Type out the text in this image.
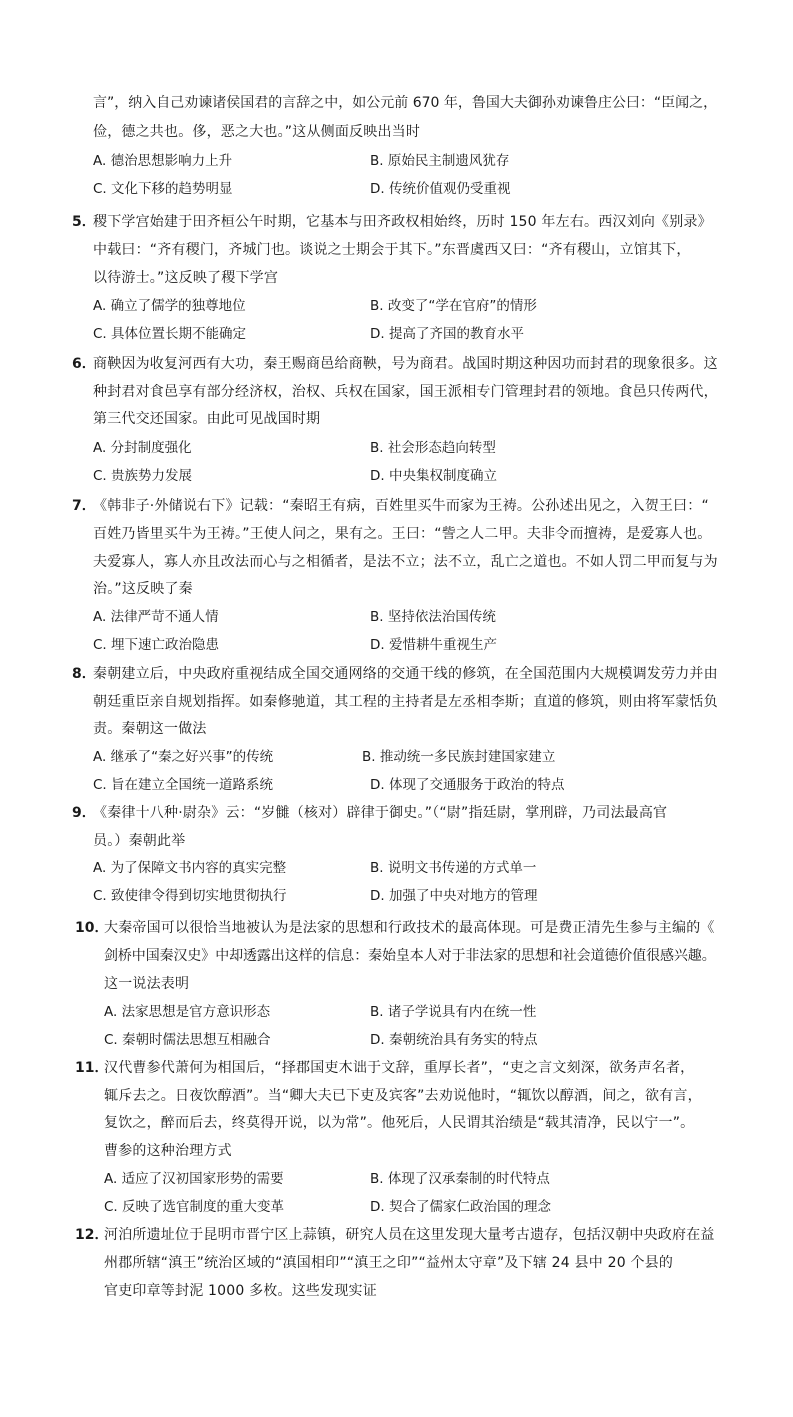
言”，纳入自己劝谏诸侯国君的言辞之中，如公元前 670 年，鲁国大夫御孙劝谏鲁庄公曰：“臣闻之，
俭，德之共也。侈，恶之大也。”这从侧面反映出当时
A. 德治思想影响力上升	B. 原始民主制遗风犹存
C. 文化下移的趋势明显	D. 传统价值观仍受重视
5．
稷下学宫始建于田齐桓公午时期，它基本与田齐政权相始终，历时 150 年左右。西汉刘向《别录》
中载曰：“齐有稷门，齐城门也。谈说之士期会于其下。”东晋虞西又曰：“齐有稷山，立馆其下，
以待游士。”这反映了稷下学宫
A. 确立了儒学的独尊地位	B. 改变了“学在官府”的情形
C. 具体位置长期不能确定	D. 提高了齐国的教育水平
6．
商鞅因为收复河西有大功，秦王赐商邑给商鞅，号为商君。战国时期这种因功而封君的现象很多。这
种封君对食邑享有部分经济权，治权、兵权在国家，国王派相专门管理封君的领地。食邑只传两代，
第三代交还国家。由此可见战国时期
A. 分封制度强化	B. 社会形态趋向转型
C. 贵族势力发展	D. 中央集权制度确立
7．
《韩非子·外储说右下》记载：“秦昭王有病，百姓里买牛而家为王祷。公孙述出见之，入贺王曰：“
百姓乃皆里买牛为王祷。”王使人问之，果有之。王曰：“訾之人二甲。夫非令而擅祷，是爱寡人也。
夫爱寡人，寡人亦且改法而心与之相循者，是法不立；法不立，乱亡之道也。不如人罚二甲而复与为
治。”这反映了秦
A. 法律严苛不通人情	B. 坚持依法治国传统
C. 埋下速亡政治隐患	D. 爱惜耕牛重视生产
8．
秦朝建立后，中央政府重视结成全国交通网络的交通干线的修筑，在全国范围内大规模调发劳力并由
朝廷重臣亲自规划指挥。如秦修驰道，其工程的主持者是左丞相李斯；直道的修筑，则由将军蒙恬负
责。秦朝这一做法
A. 继承了“秦之好兴事”的传统	B. 推动统一多民族封建国家建立
C. 旨在建立全国统一道路系统	D. 体现了交通服务于政治的特点
9．
《秦律十八种·尉杂》云：“岁雠（核对）辟律于御史。”（“尉”指廷尉，掌刑辟，乃司法最高官
员。）秦朝此举
A. 为了保障文书内容的真实完整	B. 说明文书传递的方式单一
C. 致使律令得到切实地贯彻执行	D. 加强了中央对地方的管理
10．
大秦帝国可以很恰当地被认为是法家的思想和行政技术的最高体现。可是费正清先生参与主编的《
剑桥中国秦汉史》中却透露出这样的信息：秦始皇本人对于非法家的思想和社会道德价值很感兴趣。
这一说法表明
A. 法家思想是官方意识形态	B. 诸子学说具有内在统一性
C. 秦朝时儒法思想互相融合	D. 秦朝统治具有务实的特点
11．
汉代曹参代萧何为相国后，“择郡国吏木诎于文辞，重厚长者”，“吏之言文刻深，欲务声名者，
辄斥去之。日夜饮醇酒”。当“卿大夫已下吏及宾客”去劝说他时，“辄饮以醇酒，间之，欲有言，
复饮之，醉而后去，终莫得开说，以为常”。他死后，人民谓其治绩是“载其清净，民以宁一”。
曹参的这种治理方式
A. 适应了汉初国家形势的需要	B. 体现了汉承秦制的时代特点
C. 反映了选官制度的重大变革	D. 契合了儒家仁政治国的理念
12．
河泊所遗址位于昆明市晋宁区上蒜镇，研究人员在这里发现大量考古遗存，包括汉朝中央政府在益
州郡所辖“滇王”统治区域的“滇国相印”“滇王之印”“益州太守章”及下辖 24 县中 20 个县的
官吏印章等封泥 1000 多枚。这些发现实证
